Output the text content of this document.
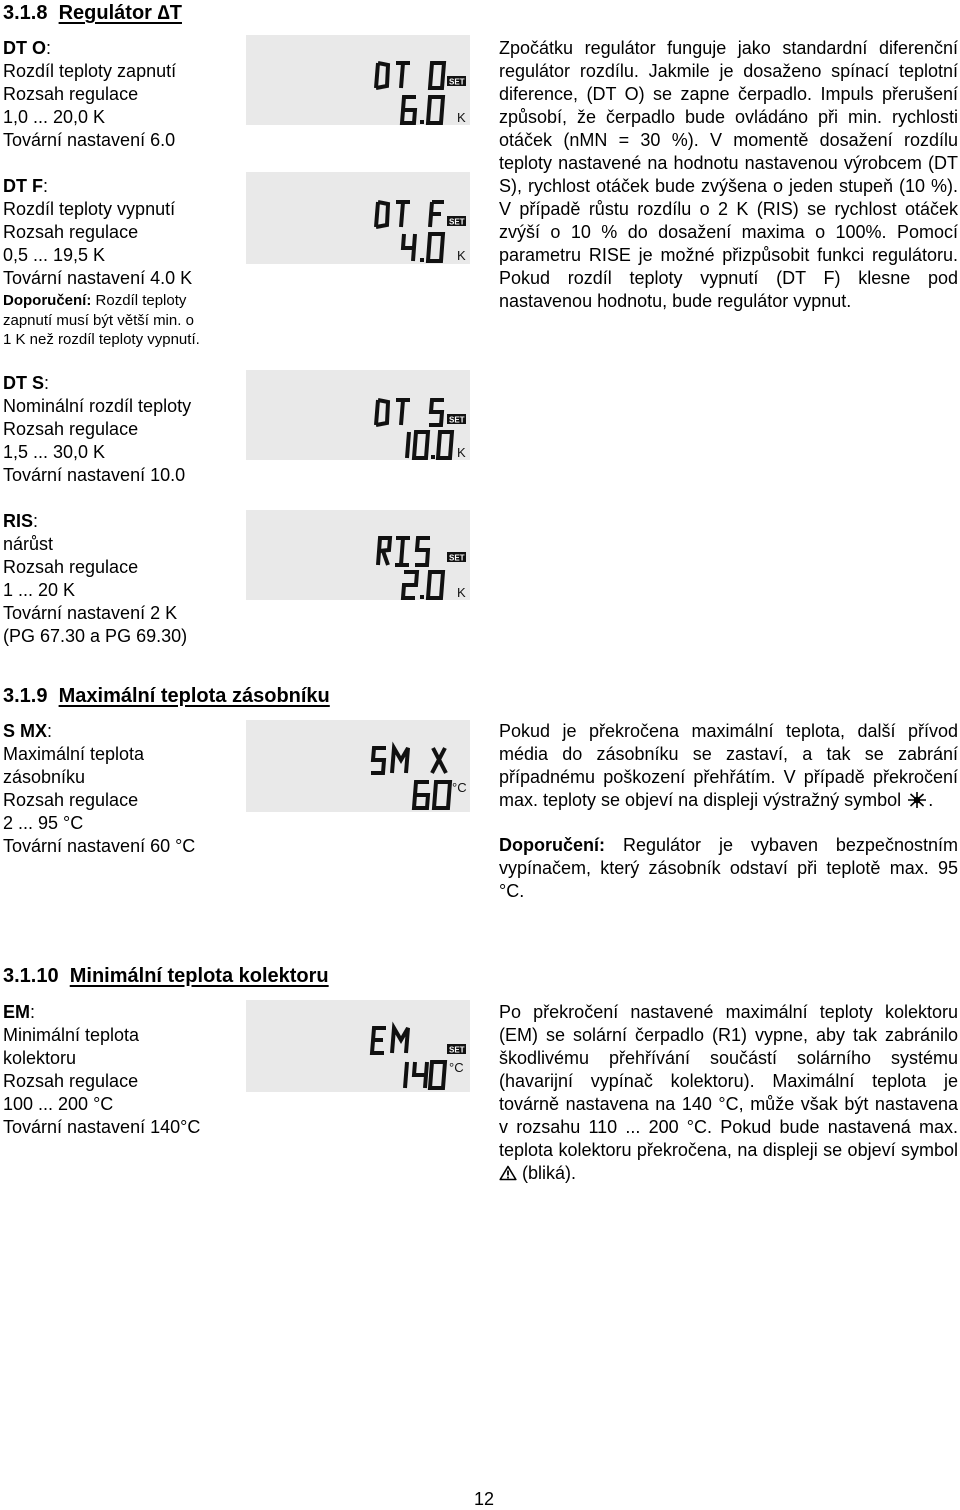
3.1.8 Regulátor ∆T
DT O:
Rozdíl teploty zapnutí
Rozsah regulace
1,0 ... 20,0 K
Tovární nastavení 6.0
DT F:
Rozdíl teploty vypnutí
Rozsah regulace
0,5 ... 19,5 K
Tovární nastavení 4.0 K
Doporučení: Rozdíl teploty
zapnutí musí být větší min. o
1 K než rozdíl teploty vypnutí.
DT S:
Nominální rozdíl teploty
Rozsah regulace
1,5 ... 30,0 K
Tovární nastavení 10.0
RIS:
nárůst
Rozsah regulace
1 ... 20 K
Tovární nastavení 2 K
(PG 67.30 a PG 69.30)
SET
K
SET
K
SET
K
SET
K

Zpočátku regulátor funguje jako standardní diferenční regulátor rozdílu. Jakmile je dosaženo spínací teplotní diference, (DT O) se zapne čerpadlo. Impuls přerušení způsobí, že čerpadlo bude ovládáno při min. rychlosti otáček (nMN = 30 %). V momentě dosažení rozdílu teploty nastavené na hodnotu nastavenou výrobcem (DT S), rychlost otáček bude zvýšena o jeden stupeň (10 %). V případě růstu rozdílu o 2 K (RIS) se rychlost otáček zvýší o 10 % do dosažení maxima o 100%. Pomocí parametru RISE je možné přizpůsobit funkci regulátoru. Pokud rozdíl teploty vypnutí (DT F) klesne pod nastavenou hodnotu, bude regulátor vypnut.

3.1.9 Maximální teplota zásobníku
S MX:
Maximální teplota
zásobníku
Rozsah regulace
2 ... 95 °C
Tovární nastavení 60 °C
°C

Pokud je překročena maximální teplota, další přívod média do zásobníku se zastaví, a tak se zabrání případnému poškození přehřátím. V případě překročení max. teploty se objeví na displeji výstražný symbol .

Doporučení: Regulátor je vybaven bezpečnostním vypínačem, který zásobník odstaví při teplotě max. 95 °C.

3.1.10 Minimální teplota kolektoru
EM:
Minimální teplota
kolektoru
Rozsah regulace
100 ... 200 °C
Tovární nastavení 140°C
SET
°C

Po překročení nastavené maximální teploty kolektoru (EM) se solární čerpadlo (R1) vypne, aby tak zabránilo škodlivému přehřívání součástí solárního systému (havarijní vypínač kolektoru). Maximální teplota je továrně nastavena na 140 °C, může však být nastavena v rozsahu 110 ... 200 °C. Pokud bude nastavená max. teplota kolektoru překročena, na displeji se objeví symbol  (bliká).

12
